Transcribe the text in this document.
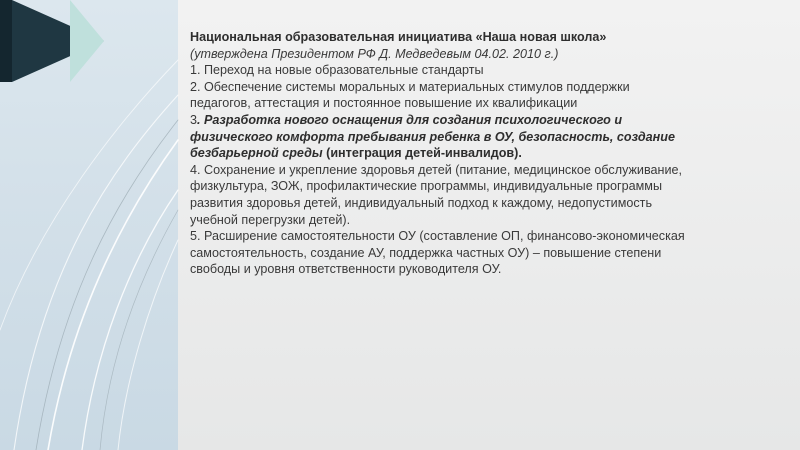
Национальная образовательная инициатива «Наша новая школа»

(утверждена Президентом РФ Д. Медведевым 04.02. 2010 г.)

1. Переход на новые образовательные стандарты

2. Обеспечение системы моральных и материальных стимулов поддержки педагогов, аттестация и постоянное повышение их квалификации

3. Разработка нового оснащения для создания психологического и физического комфорта пребывания ребенка в ОУ, безопасность, создание безбарьерной среды (интеграция детей-инвалидов).

4. Сохранение и укрепление здоровья детей (питание, медицинское обслуживание, физкультура, ЗОЖ, профилактические программы, индивидуальные программы развития здоровья детей, индивидуальный подход к каждому, недопустимость учебной перегрузки детей).

5. Расширение самостоятельности ОУ (составление ОП, финансово-экономическая самостоятельность, создание АУ, поддержка частных ОУ) – повышение степени свободы и уровня ответственности руководителя ОУ.
